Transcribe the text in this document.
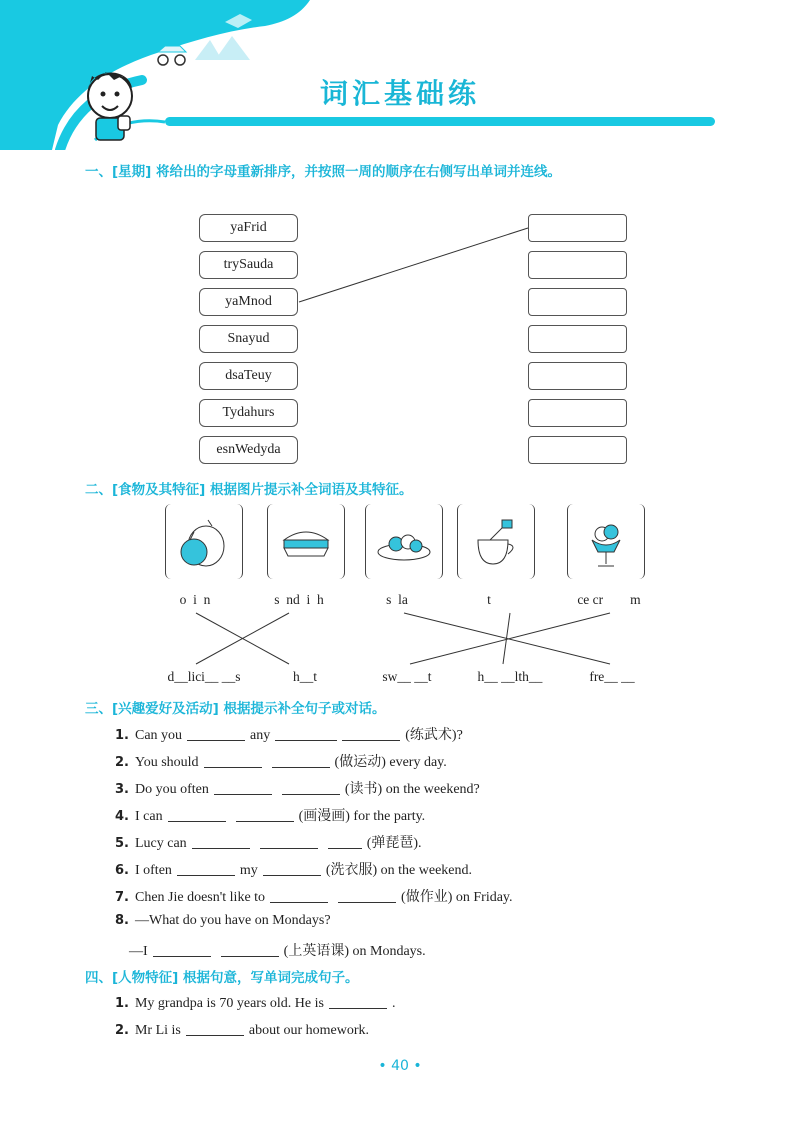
词汇基础练
一、[星期] 将给出的字母重新排序，并按照一周的顺序在右侧写出单词并连线。
yaFrid
trySauda
yaMnod
Snayud
dsaTeuy
Tydahurs
esnWedyda
二、[食物及其特征] 根据图片提示补全词语及其特征。
o  i  n	s  nd  i  h	s  la	t	ce cr        m
d__lici__ __s	h__t	sw__ __t	h__ __lth__	fre__ __
三、[兴趣爱好及活动] 根据提示补全句子或对话。
1. Can you	any	(练武术)?
2. You should	(做运动) every day.
3. Do you often	(读书) on the weekend?
4. I can	(画漫画) for the party.
5. Lucy can	(弹琵琶).
6. I often	my	(洗衣服) on the weekend.
7. Chen Jie doesn't like to	(做作业) on Friday.
8. —What do you have on Mondays?
—I	(上英语课) on Mondays.
四、[人物特征] 根据句意，写单词完成句子。
1. My grandpa is 70 years old. He is	.
2. Mr Li is	about our homework.
• 40 •
